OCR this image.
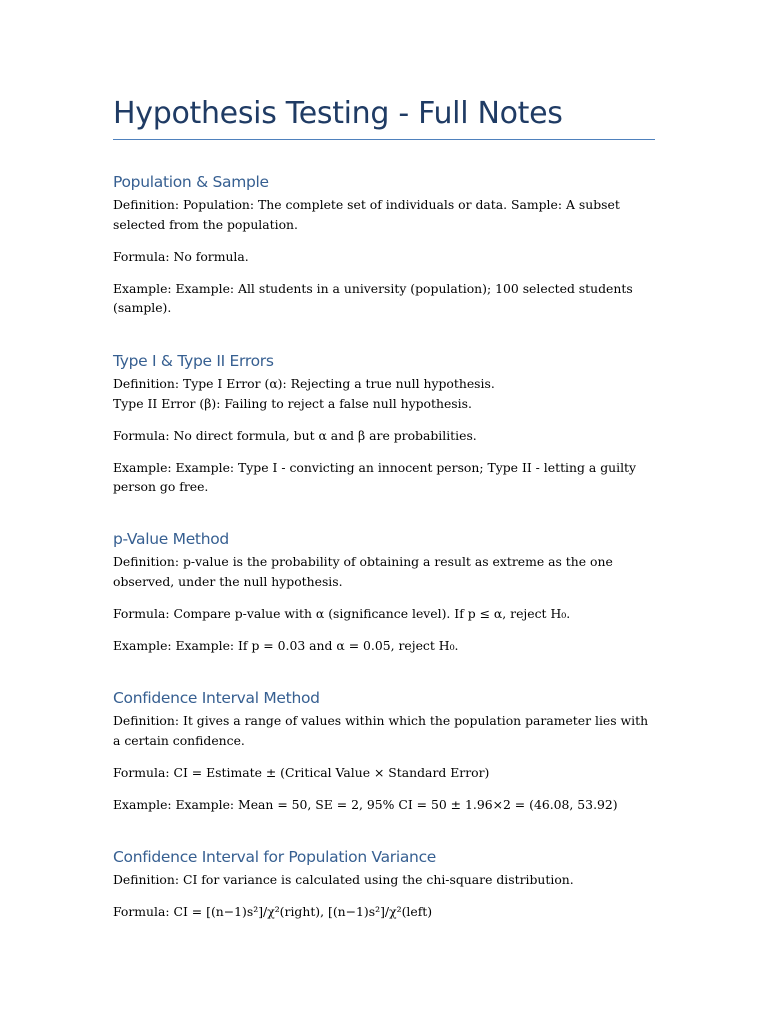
Hypothesis Testing - Full Notes
Population & Sample

Definition: Population: The complete set of individuals or data. Sample: A subset selected from the population.

Formula: No formula.

Example: Example: All students in a university (population); 100 selected students (sample).

Type I & Type II Errors

Definition: Type I Error (α): Rejecting a true null hypothesis.
Type II Error (β): Failing to reject a false null hypothesis.

Formula: No direct formula, but α and β are probabilities.

Example: Example: Type I - convicting an innocent person; Type II - letting a guilty person go free.

p-Value Method

Definition: p-value is the probability of obtaining a result as extreme as the one observed, under the null hypothesis.

Formula: Compare p-value with α (significance level). If p ≤ α, reject H₀.

Example: Example: If p = 0.03 and α = 0.05, reject H₀.

Confidence Interval Method

Definition: It gives a range of values within which the population parameter lies with a certain confidence.

Formula: CI = Estimate ± (Critical Value × Standard Error)

Example: Example: Mean = 50, SE = 2, 95% CI = 50 ± 1.96×2 = (46.08, 53.92)

Confidence Interval for Population Variance

Definition: CI for variance is calculated using the chi-square distribution.

Formula: CI = [(n−1)s²]/χ²(right), [(n−1)s²]/χ²(left)
